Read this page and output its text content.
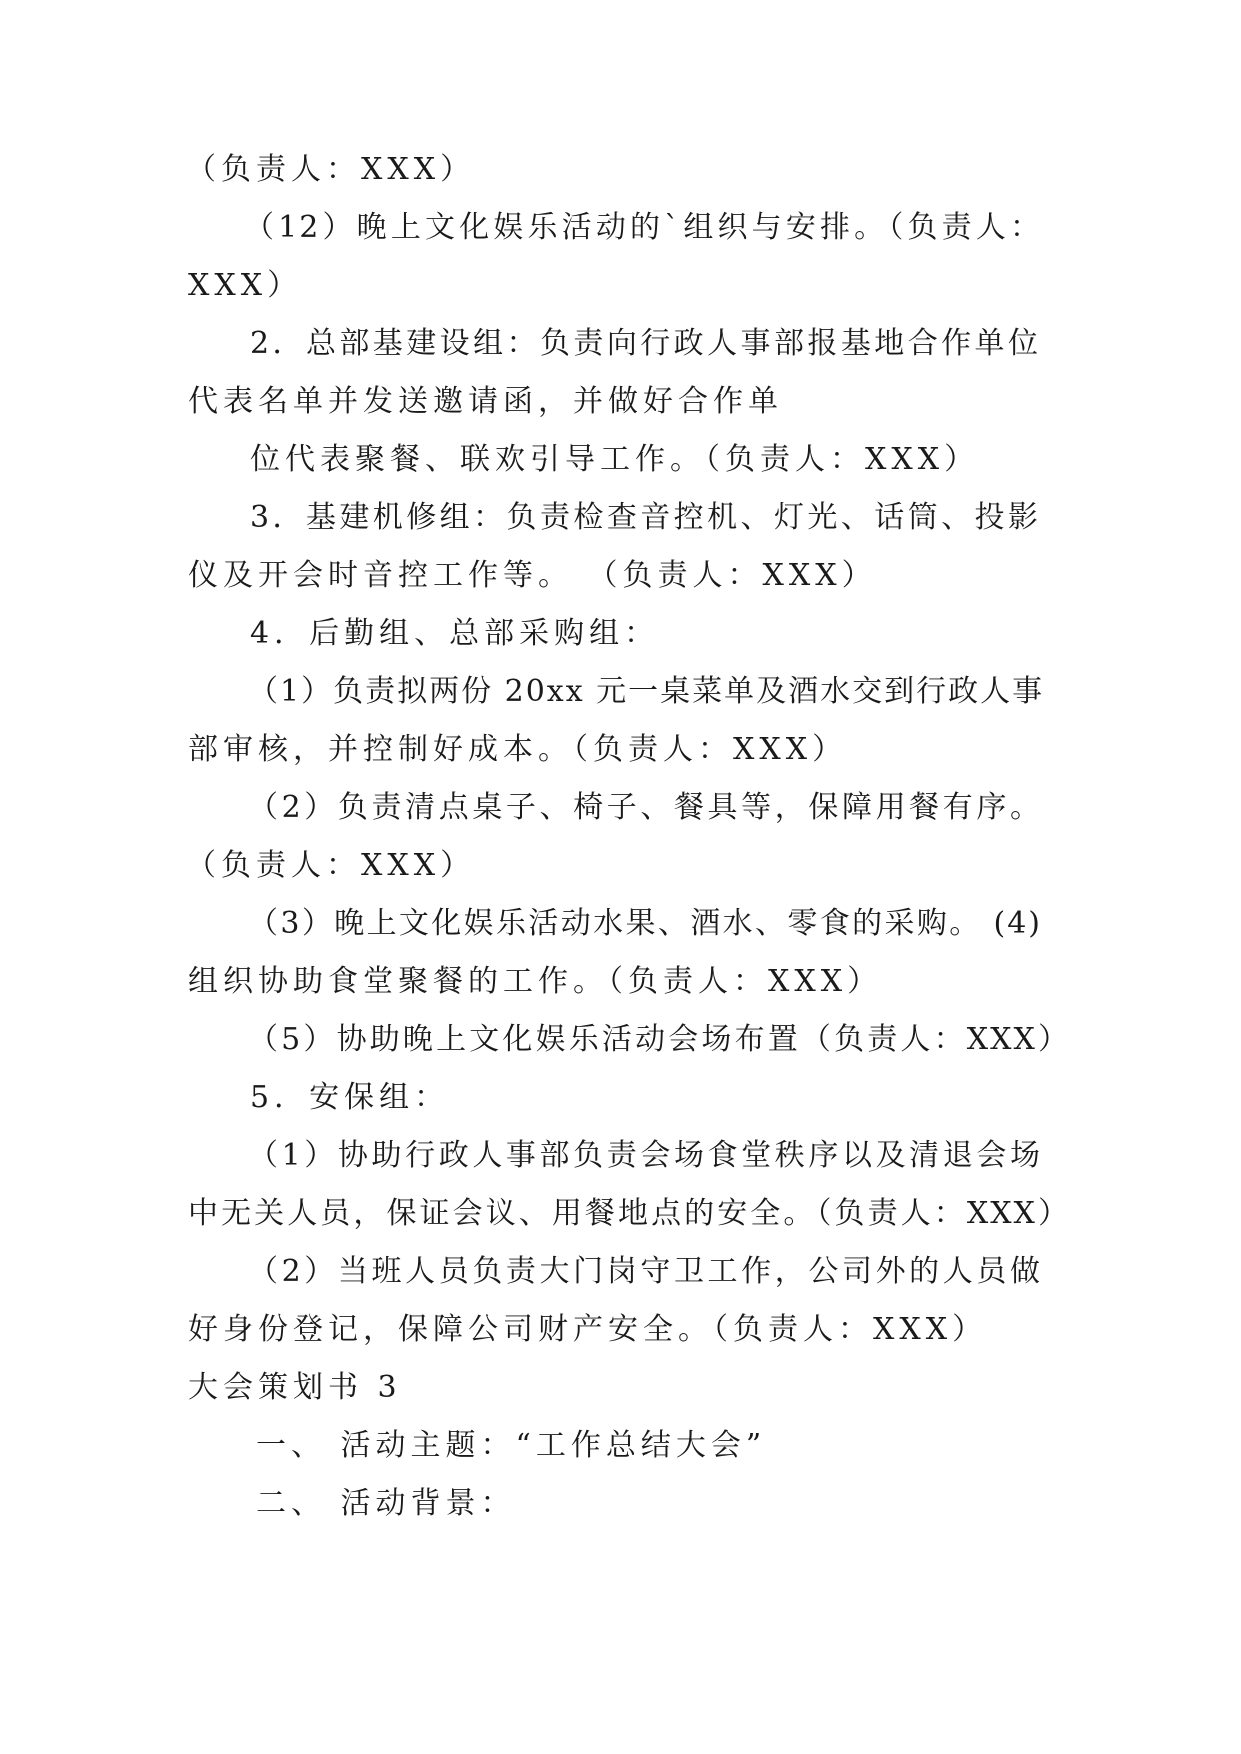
（负责人：XXX）
（12）晚上文化娱乐活动的`组织与安排。（负责人：
XXX）
2．总部基建设组：负责向行政人事部报基地合作单位
代表名单并发送邀请函，并做好合作单
位代表聚餐、联欢引导工作。（负责人：XXX）
3．基建机修组：负责检查音控机、灯光、话筒、投影
仪及开会时音控工作等。 （负责人：XXX）
4．后勤组、总部采购组：
（1）负责拟两份 20xx 元一桌菜单及酒水交到行政人事
部审核，并控制好成本。（负责人：XXX）
（2）负责清点桌子、椅子、餐具等，保障用餐有序。
（负责人：XXX）
（3）晚上文化娱乐活动水果、酒水、零食的采购。 (4)
组织协助食堂聚餐的工作。（负责人：XXX）
（5）协助晚上文化娱乐活动会场布置（负责人：XXX）
5．安保组：
（1）协助行政人事部负责会场食堂秩序以及清退会场
中无关人员，保证会议、用餐地点的安全。（负责人：XXX）
（2）当班人员负责大门岗守卫工作，公司外的人员做
好身份登记，保障公司财产安全。（负责人：XXX）
大会策划书 3
一、 活动主题：“工作总结大会”
二、 活动背景：
